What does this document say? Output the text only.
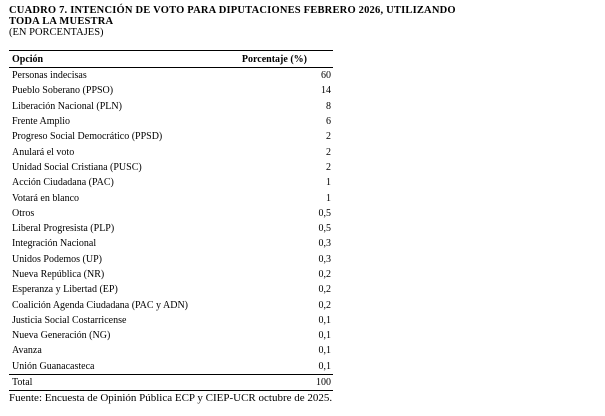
CUADRO 7. INTENCIÓN DE VOTO PARA DIPUTACIONES FEBRERO 2026, UTILIZANDO TODA LA MUESTRA
(EN PORCENTAJES)
Opción	Porcentaje (%)
Personas indecisas	60
Pueblo Soberano (PPSO)	14
Liberación Nacional (PLN)	8
Frente Amplio	6
Progreso Social Democrático (PPSD)	2
Anulará el voto	2
Unidad Social Cristiana (PUSC)	2
Acción Ciudadana (PAC)	1
Votará en blanco	1
Otros	0,5
Liberal Progresista (PLP)	0,5
Integración Nacional	0,3
Unidos Podemos (UP)	0,3
Nueva República (NR)	0,2
Esperanza y Libertad (EP)	0,2
Coalición Agenda Ciudadana (PAC y ADN)	0,2
Justicia Social Costarricense	0,1
Nueva Generación (NG)	0,1
Avanza	0,1
Unión Guanacasteca	0,1
Total	100
Fuente: Encuesta de Opinión Pública ECP y CIEP-UCR octubre de 2025.
